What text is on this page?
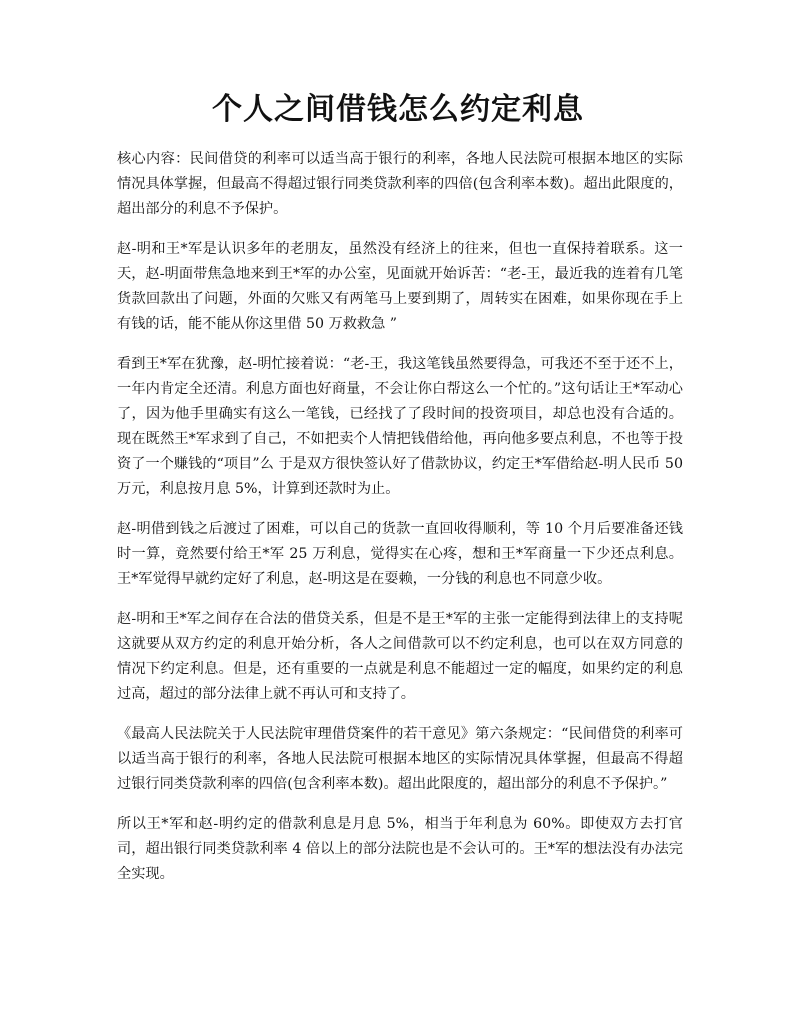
个人之间借钱怎么约定利息

核心内容：民间借贷的利率可以适当高于银行的利率，各地人民法院可根据本地区的实际情况具体掌握，但最高不得超过银行同类贷款利率的四倍(包含利率本数)。超出此限度的，超出部分的利息不予保护。

赵-明和王*军是认识多年的老朋友，虽然没有经济上的往来，但也一直保持着联系。这一天，赵-明面带焦急地来到王*军的办公室，见面就开始诉苦：“老-王，最近我的连着有几笔货款回款出了问题，外面的欠账又有两笔马上要到期了，周转实在困难，如果你现在手上有钱的话，能不能从你这里借 50 万救救急 ”

看到王*军在犹豫，赵-明忙接着说：“老-王，我这笔钱虽然要得急，可我还不至于还不上，一年内肯定全还清。利息方面也好商量，不会让你白帮这么一个忙的。”这句话让王*军动心了，因为他手里确实有这么一笔钱，已经找了了段时间的投资项目，却总也没有合适的。现在既然王*军求到了自己，不如把卖个人情把钱借给他，再向他多要点利息，不也等于投资了一个赚钱的“项目”么 于是双方很快签认好了借款协议，约定王*军借给赵-明人民币 50 万元，利息按月息 5%，计算到还款时为止。

赵-明借到钱之后渡过了困难，可以自己的货款一直回收得顺利，等 10 个月后要准备还钱时一算，竟然要付给王*军 25 万利息，觉得实在心疼，想和王*军商量一下少还点利息。王*军觉得早就约定好了利息，赵-明这是在耍赖，一分钱的利息也不同意少收。

赵-明和王*军之间存在合法的借贷关系，但是不是王*军的主张一定能得到法律上的支持呢 这就要从双方约定的利息开始分析，各人之间借款可以不约定利息，也可以在双方同意的情况下约定利息。但是，还有重要的一点就是利息不能超过一定的幅度，如果约定的利息过高，超过的部分法律上就不再认可和支持了。

《最高人民法院关于人民法院审理借贷案件的若干意见》第六条规定：“民间借贷的利率可以适当高于银行的利率，各地人民法院可根据本地区的实际情况具体掌握，但最高不得超过银行同类贷款利率的四倍(包含利率本数)。超出此限度的，超出部分的利息不予保护。”

所以王*军和赵-明约定的借款利息是月息 5%，相当于年利息为 60%。即使双方去打官司，超出银行同类贷款利率 4 倍以上的部分法院也是不会认可的。王*军的想法没有办法完全实现。
